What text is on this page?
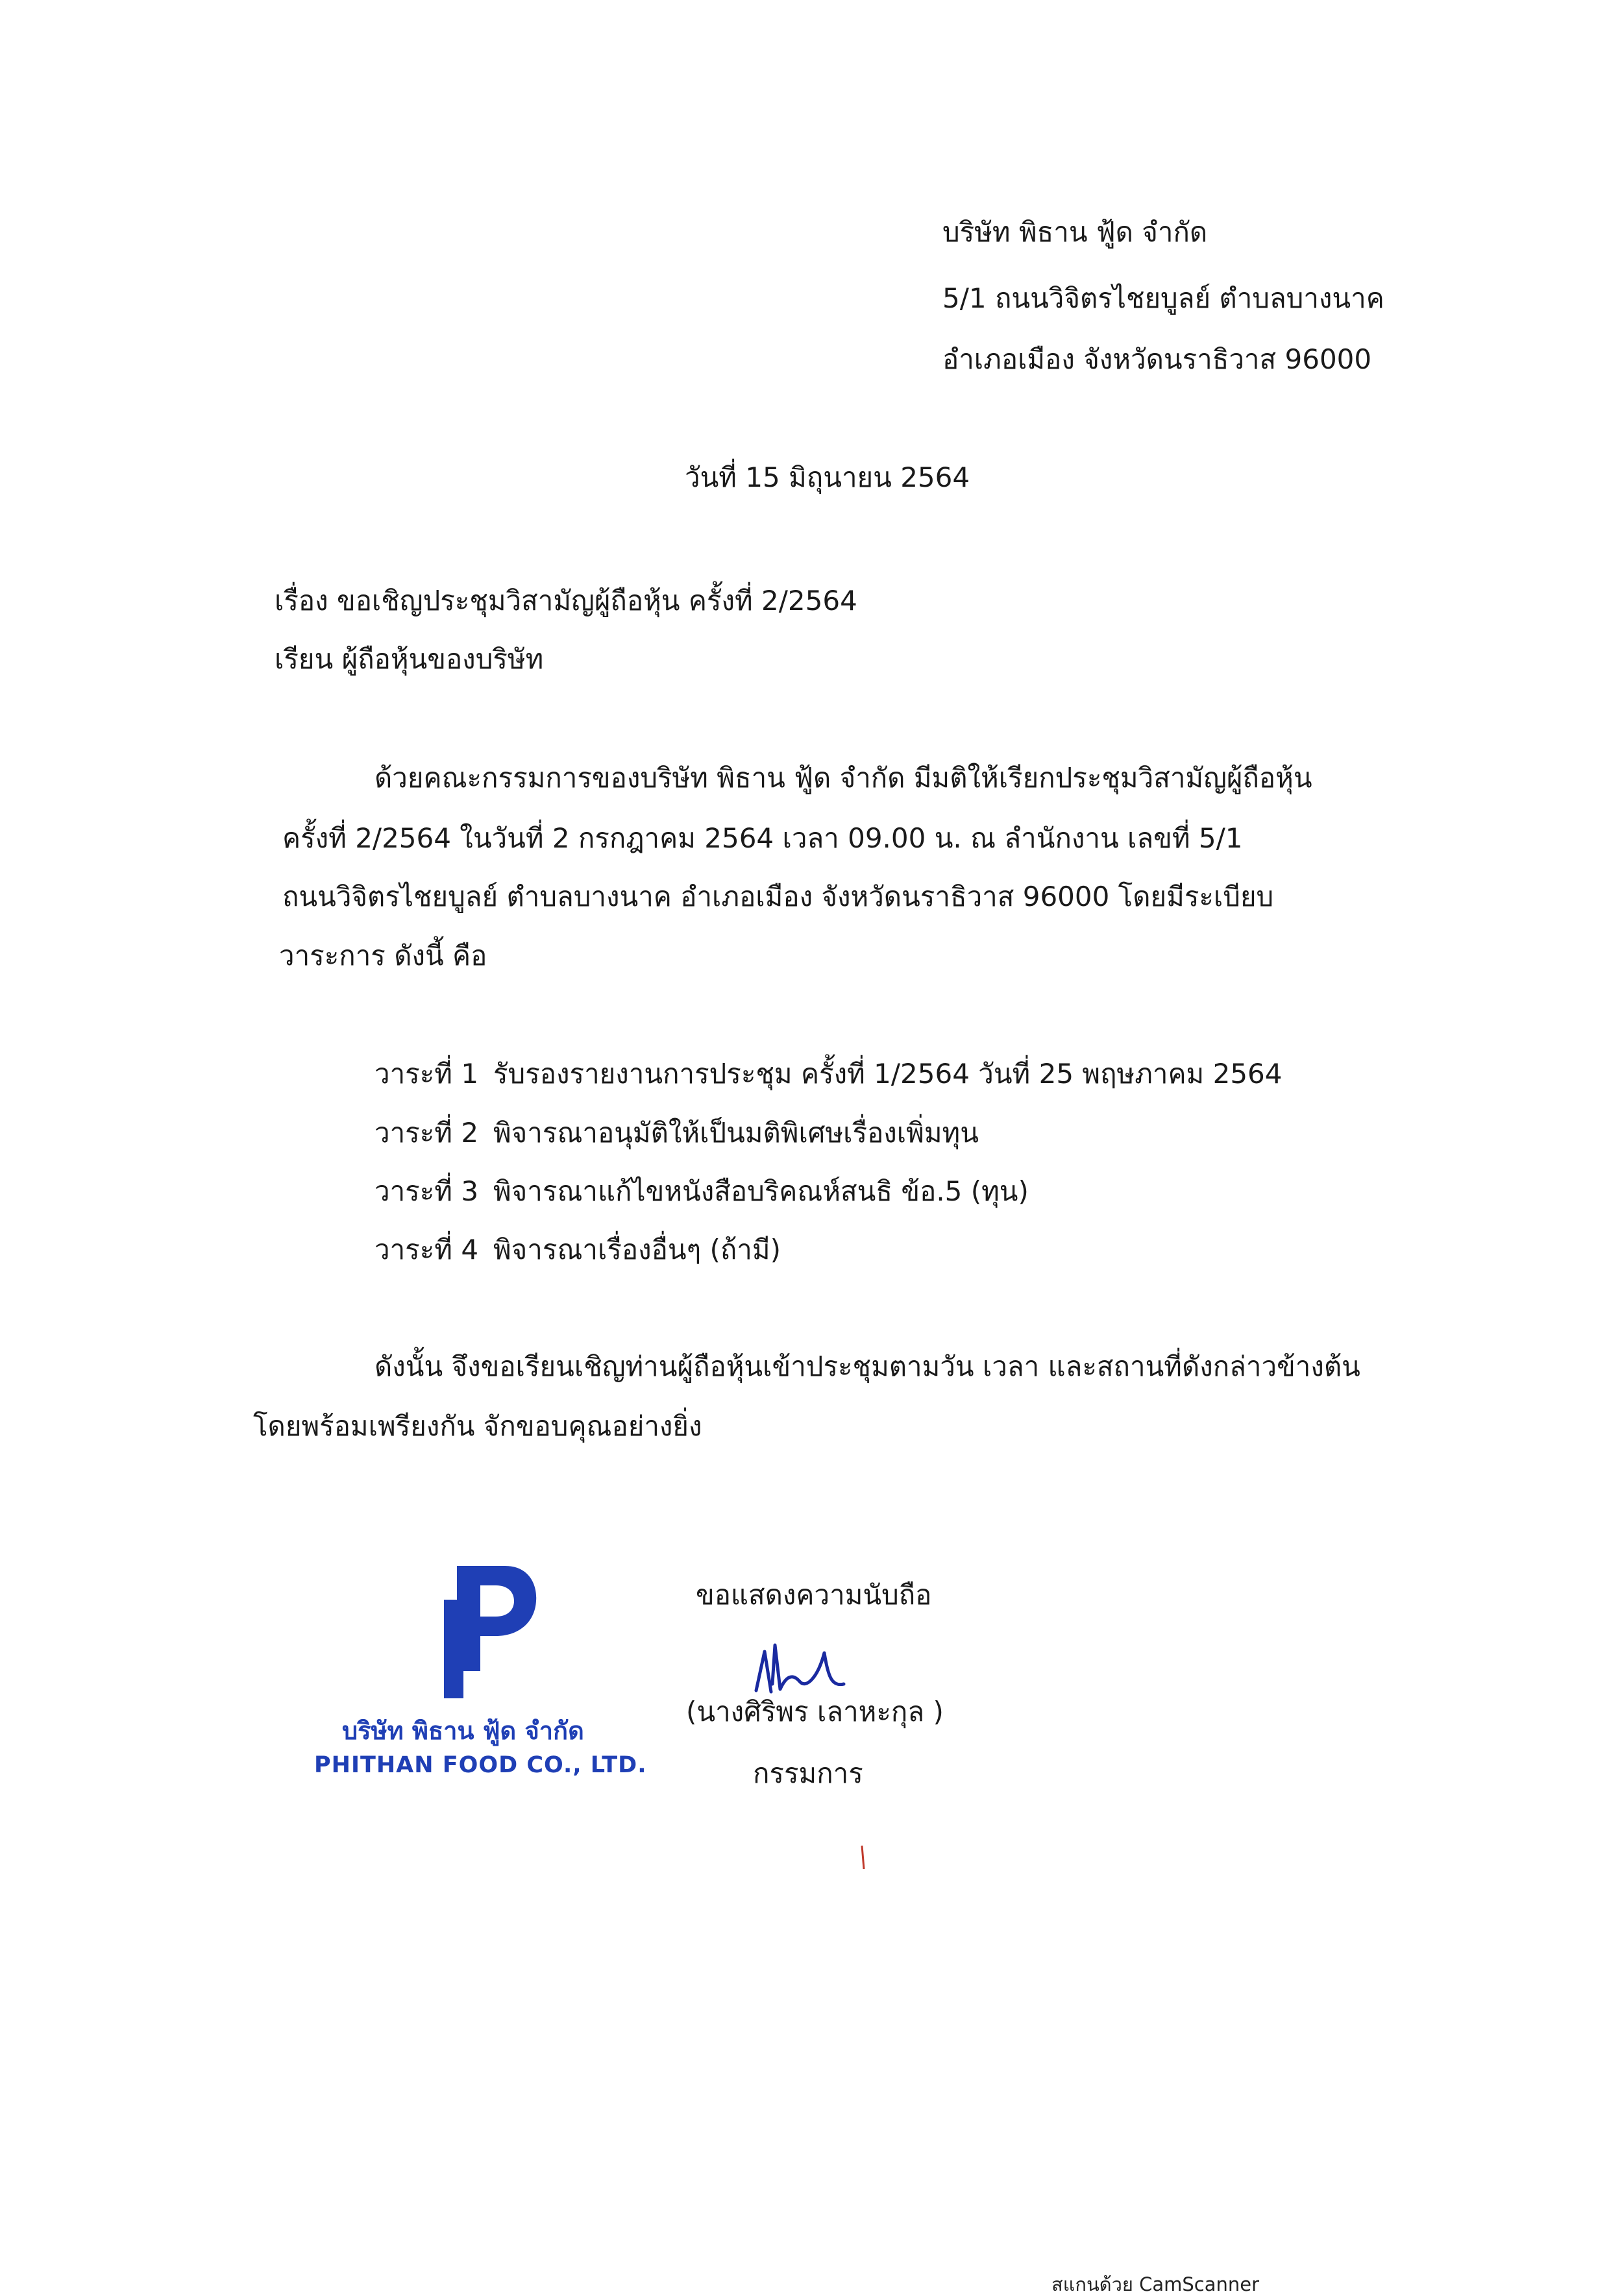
บริษัท พิธาน ฟู้ด จำกัด
5/1 ถนนวิจิตรไชยบูลย์ ตำบลบางนาค
อำเภอเมือง จังหวัดนราธิวาส 96000
วันที่ 15 มิถุนายน 2564
เรื่อง ขอเชิญประชุมวิสามัญผู้ถือหุ้น ครั้งที่ 2/2564
เรียน ผู้ถือหุ้นของบริษัท
ด้วยคณะกรรมการของบริษัท พิธาน ฟู้ด จำกัด มีมติให้เรียกประชุมวิสามัญผู้ถือหุ้น
ครั้งที่ 2/2564 ในวันที่ 2 กรกฎาคม 2564 เวลา 09.00 น. ณ ลำนักงาน เลขที่ 5/1
ถนนวิจิตรไชยบูลย์ ตำบลบางนาค อำเภอเมือง จังหวัดนราธิวาส 96000 โดยมีระเบียบ
วาระการ ดังนี้ คือ
วาระที่ 1 รับรองรายงานการประชุม ครั้งที่ 1/2564 วันที่ 25 พฤษภาคม 2564
วาระที่ 2 พิจารณาอนุมัติให้เป็นมติพิเศษเรื่องเพิ่มทุน
วาระที่ 3 พิจารณาแก้ไขหนังสือบริคณห์สนธิ ข้อ.5 (ทุน)
วาระที่ 4 พิจารณาเรื่องอื่นๆ (ถ้ามี)
ดังนั้น จึงขอเรียนเชิญท่านผู้ถือหุ้นเข้าประชุมตามวัน เวลา และสถานที่ดังกล่าวข้างต้น
โดยพร้อมเพรียงกัน จักขอบคุณอย่างยิ่ง
บริษัท พิธาน ฟู้ด จำกัด
PHITHAN FOOD CO., LTD.
ขอแสดงความนับถือ
(นางศิริพร เลาหะกุล )
กรรมการ
สแกนด้วย CamScanner
